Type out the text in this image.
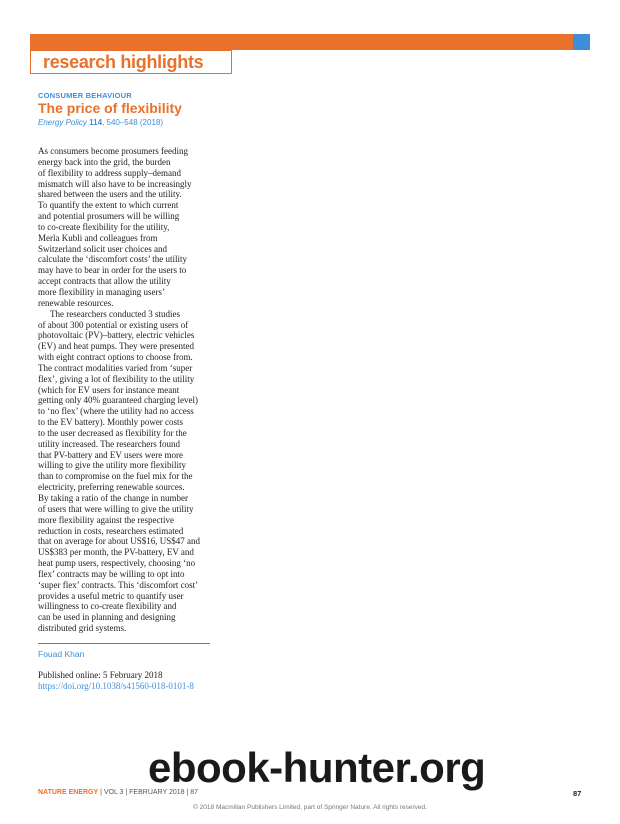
research highlights
CONSUMER BEHAVIOUR
The price of flexibility
Energy Policy 114, 540–548 (2018)

As consumers become prosumers feeding
energy back into the grid, the burden
of flexibility to address supply–demand
mismatch will also have to be increasingly
shared between the users and the utility.
To quantify the extent to which current
and potential prosumers will be willing
to co-create flexibility for the utility,
Merla Kubli and colleagues from
Switzerland solicit user choices and
calculate the ‘discomfort costs’ the utility
may have to bear in order for the users to
accept contracts that allow the utility
more flexibility in managing users’
renewable resources.

The researchers conducted 3 studies
of about 300 potential or existing users of
photovoltaic (PV)–battery, electric vehicles
(EV) and heat pumps. They were presented
with eight contract options to choose from.
The contract modalities varied from ‘super
flex’, giving a lot of flexibility to the utility
(which for EV users for instance meant
getting only 40% guaranteed charging level)
to ‘no flex’ (where the utility had no access
to the EV battery). Monthly power costs
to the user decreased as flexibility for the
utility increased. The researchers found
that PV-battery and EV users were more
willing to give the utility more flexibility
than to compromise on the fuel mix for the
electricity, preferring renewable sources.
By taking a ratio of the change in number
of users that were willing to give the utility
more flexibility against the respective
reduction in costs, researchers estimated
that on average for about US$16, US$47 and
US$383 per month, the PV-battery, EV and
heat pump users, respectively, choosing ‘no
flex’ contracts may be willing to opt into
‘super flex’ contracts. This ‘discomfort cost’
provides a useful metric to quantify user
willingness to co-create flexibility and
can be used in planning and designing
distributed grid systems.

Fouad Khan
Published online: 5 February 2018
https://doi.org/10.1038/s41560-018-0101-8
ebook-hunter.org
NATURE ENERGY | VOL 3 | FEBRUARY 2018 | 87	87
© 2018 Macmillan Publishers Limited, part of Springer Nature. All rights reserved.
